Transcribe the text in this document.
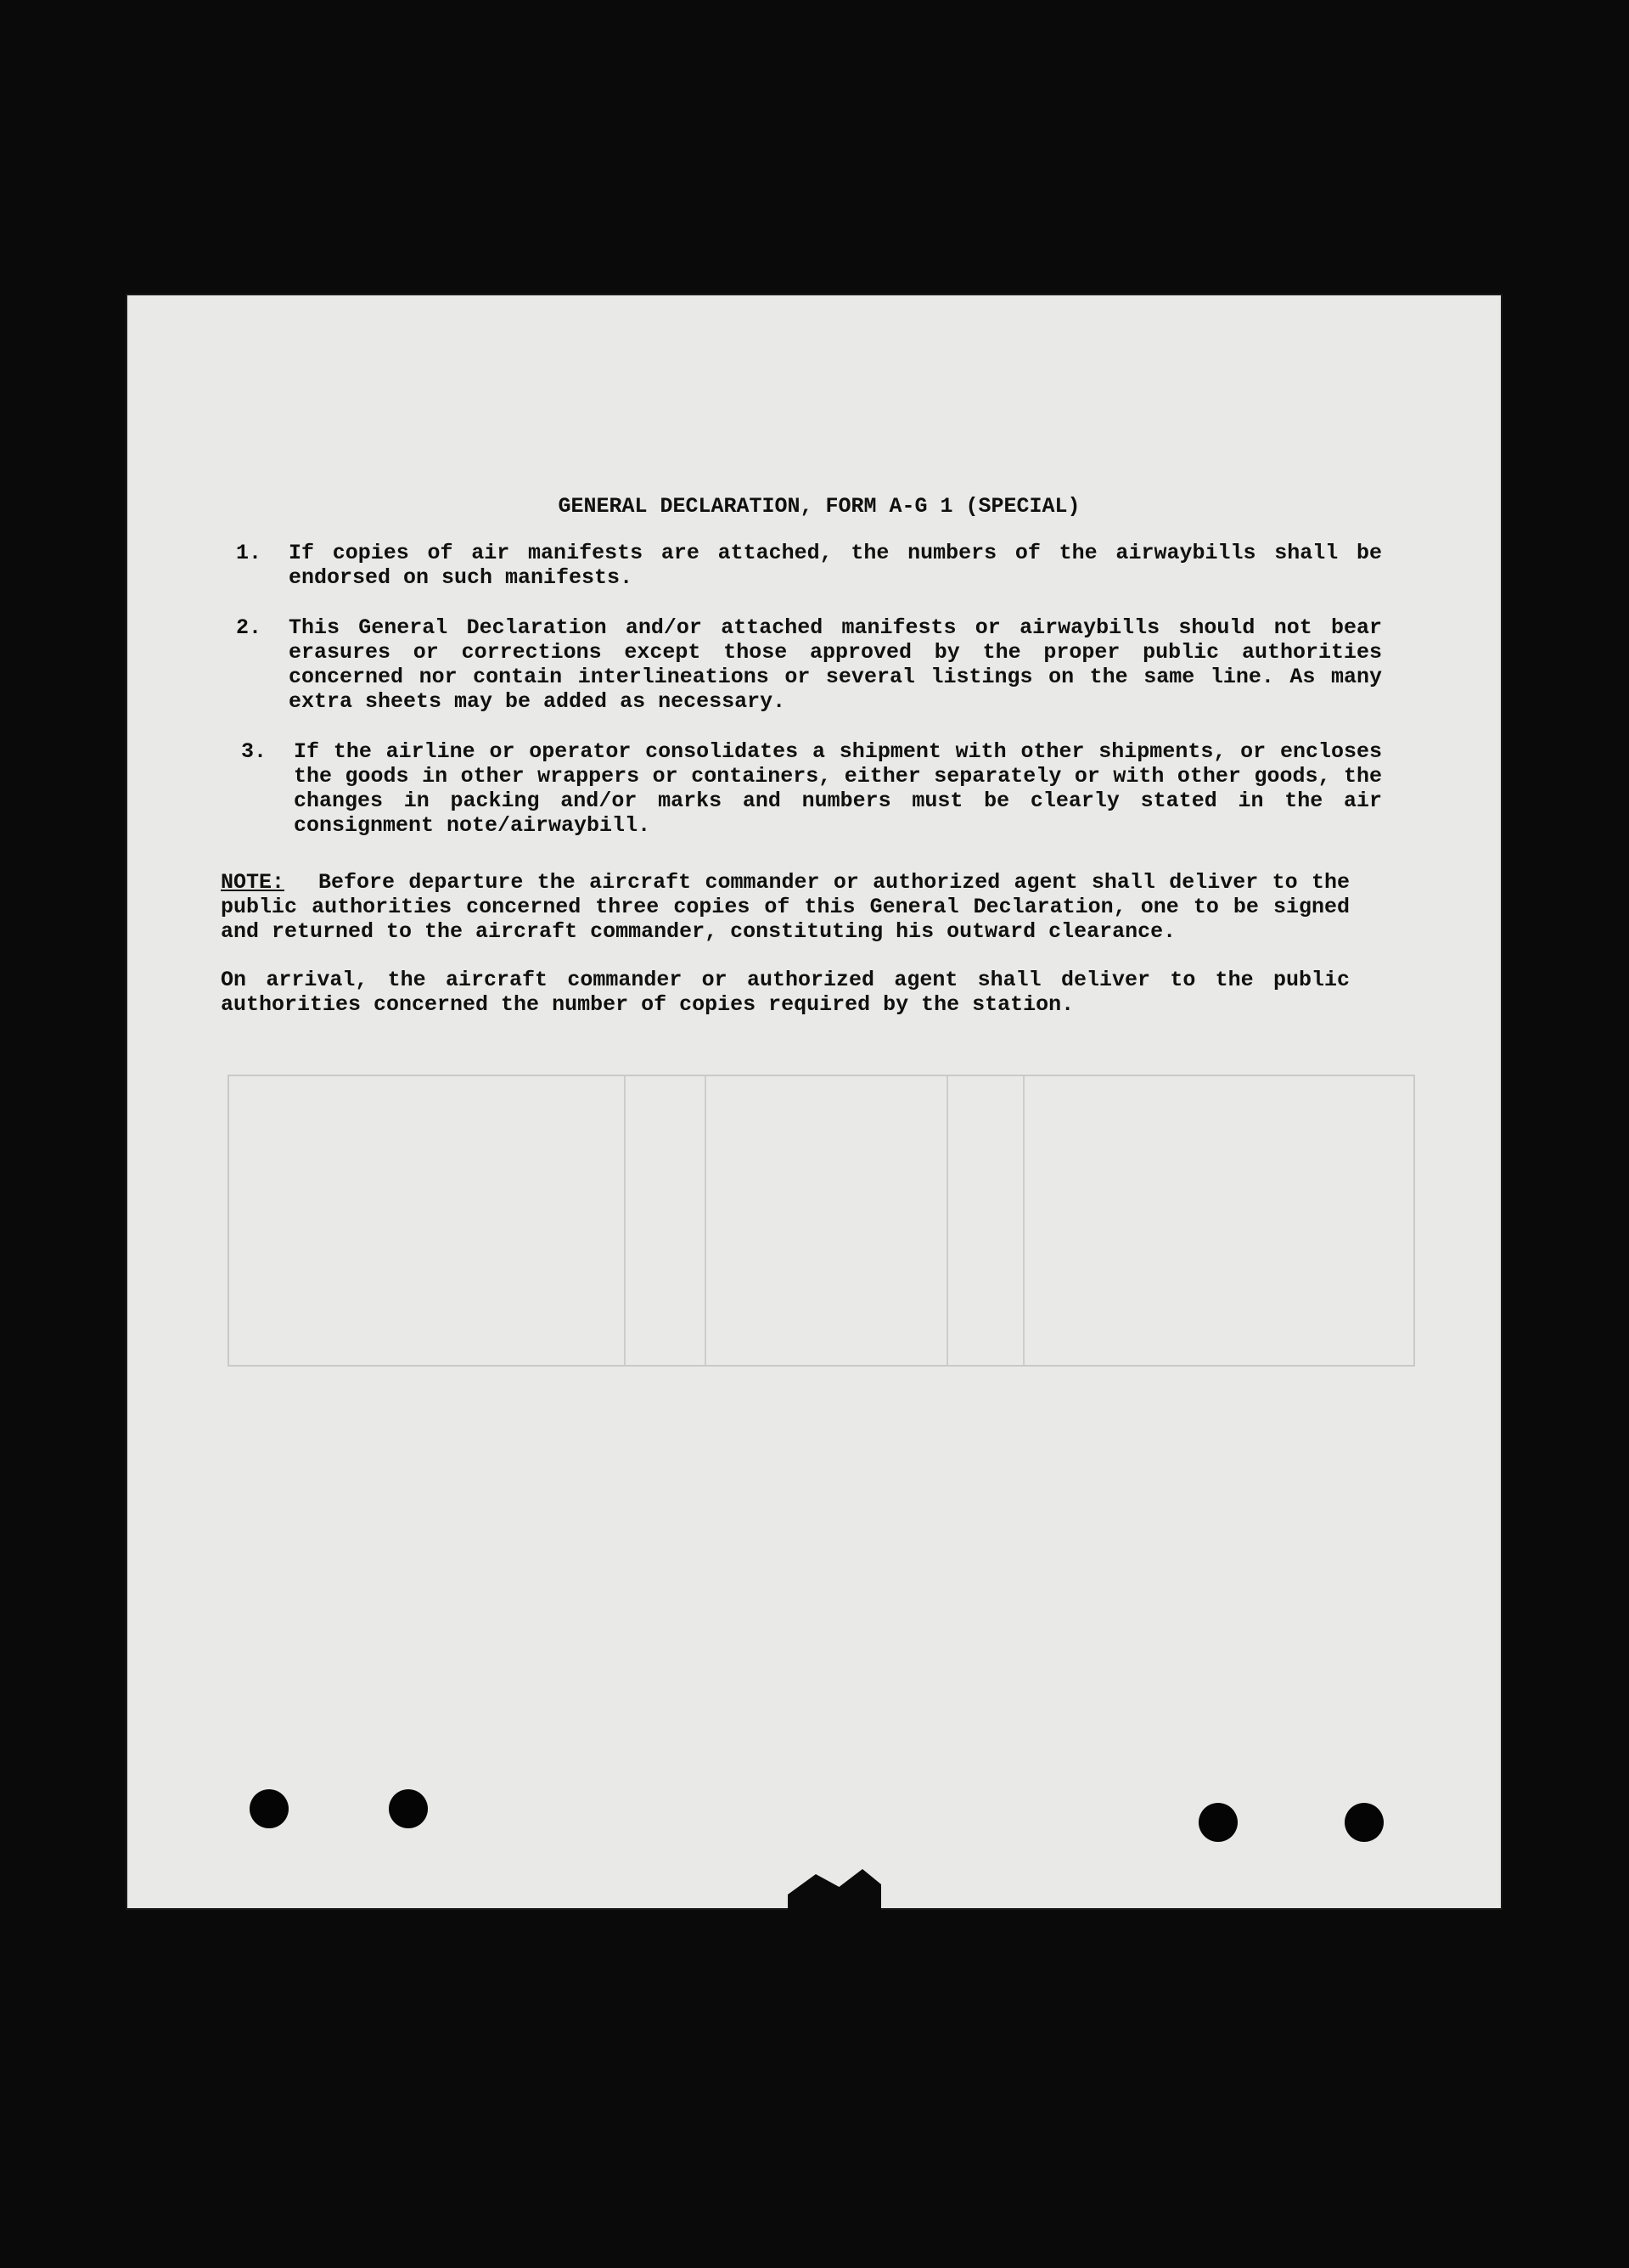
GENERAL DECLARATION, FORM A-G 1 (SPECIAL)
1. If copies of air manifests are attached, the numbers of the airwaybills shall be endorsed on such manifests.
2. This General Declaration and/or attached manifests or airwaybills should not bear erasures or corrections except those approved by the proper public authorities concerned nor contain interlineations or several listings on the same line. As many extra sheets may be added as necessary.
3. If the airline or operator consolidates a shipment with other shipments, or encloses the goods in other wrappers or containers, either separately or with other goods, the changes in packing and/or marks and numbers must be clearly stated in the air consignment note/airwaybill.

NOTE: Before departure the aircraft commander or authorized agent shall deliver to the public authorities concerned three copies of this General Declaration, one to be signed and returned to the aircraft commander, constituting his outward clearance.

On arrival, the aircraft commander or authorized agent shall deliver to the public authorities concerned the number of copies required by the station.
